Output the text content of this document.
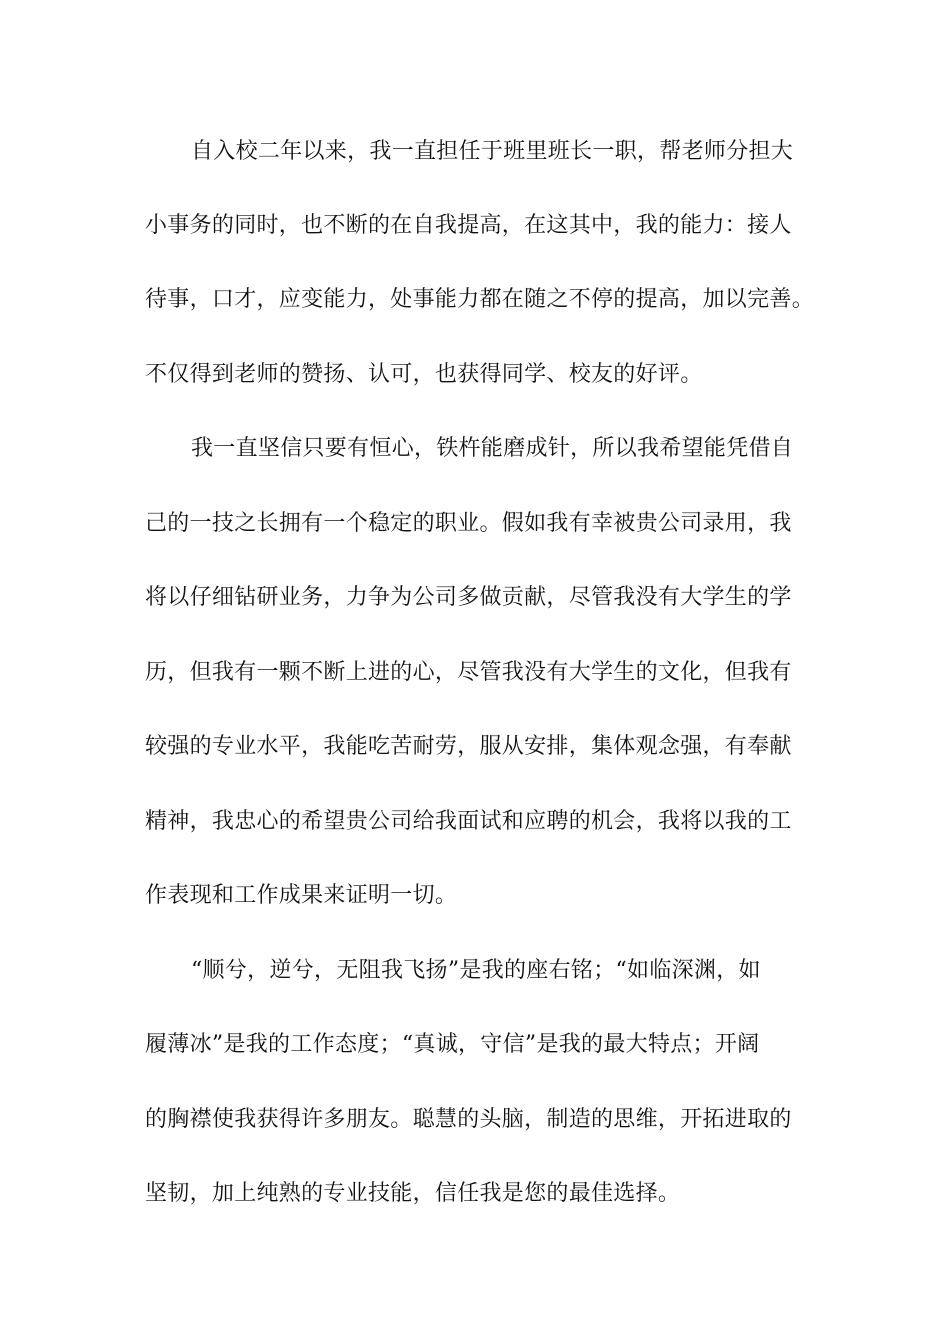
自入校二年以来，我一直担任于班里班长一职，帮老师分担大
小事务的同时，也不断的在自我提高，在这其中，我的能力：接人
待事，口才，应变能力，处事能力都在随之不停的提高，加以完善。
不仅得到老师的赞扬、认可，也获得同学、校友的好评。
我一直坚信只要有恒心，铁杵能磨成针，所以我希望能凭借自
己的一技之长拥有一个稳定的职业。假如我有幸被贵公司录用，我
将以仔细钻研业务，力争为公司多做贡献，尽管我没有大学生的学
历，但我有一颗不断上进的心，尽管我没有大学生的文化，但我有
较强的专业水平，我能吃苦耐劳，服从安排，集体观念强，有奉献
精神，我忠心的希望贵公司给我面试和应聘的机会，我将以我的工
作表现和工作成果来证明一切。
“顺兮，逆兮，无阻我飞扬”是我的座右铭；“如临深渊，如
履薄冰”是我的工作态度；“真诚，守信”是我的最大特点；开阔
的胸襟使我获得许多朋友。聪慧的头脑，制造的思维，开拓进取的
坚韧，加上纯熟的专业技能，信任我是您的最佳选择。
